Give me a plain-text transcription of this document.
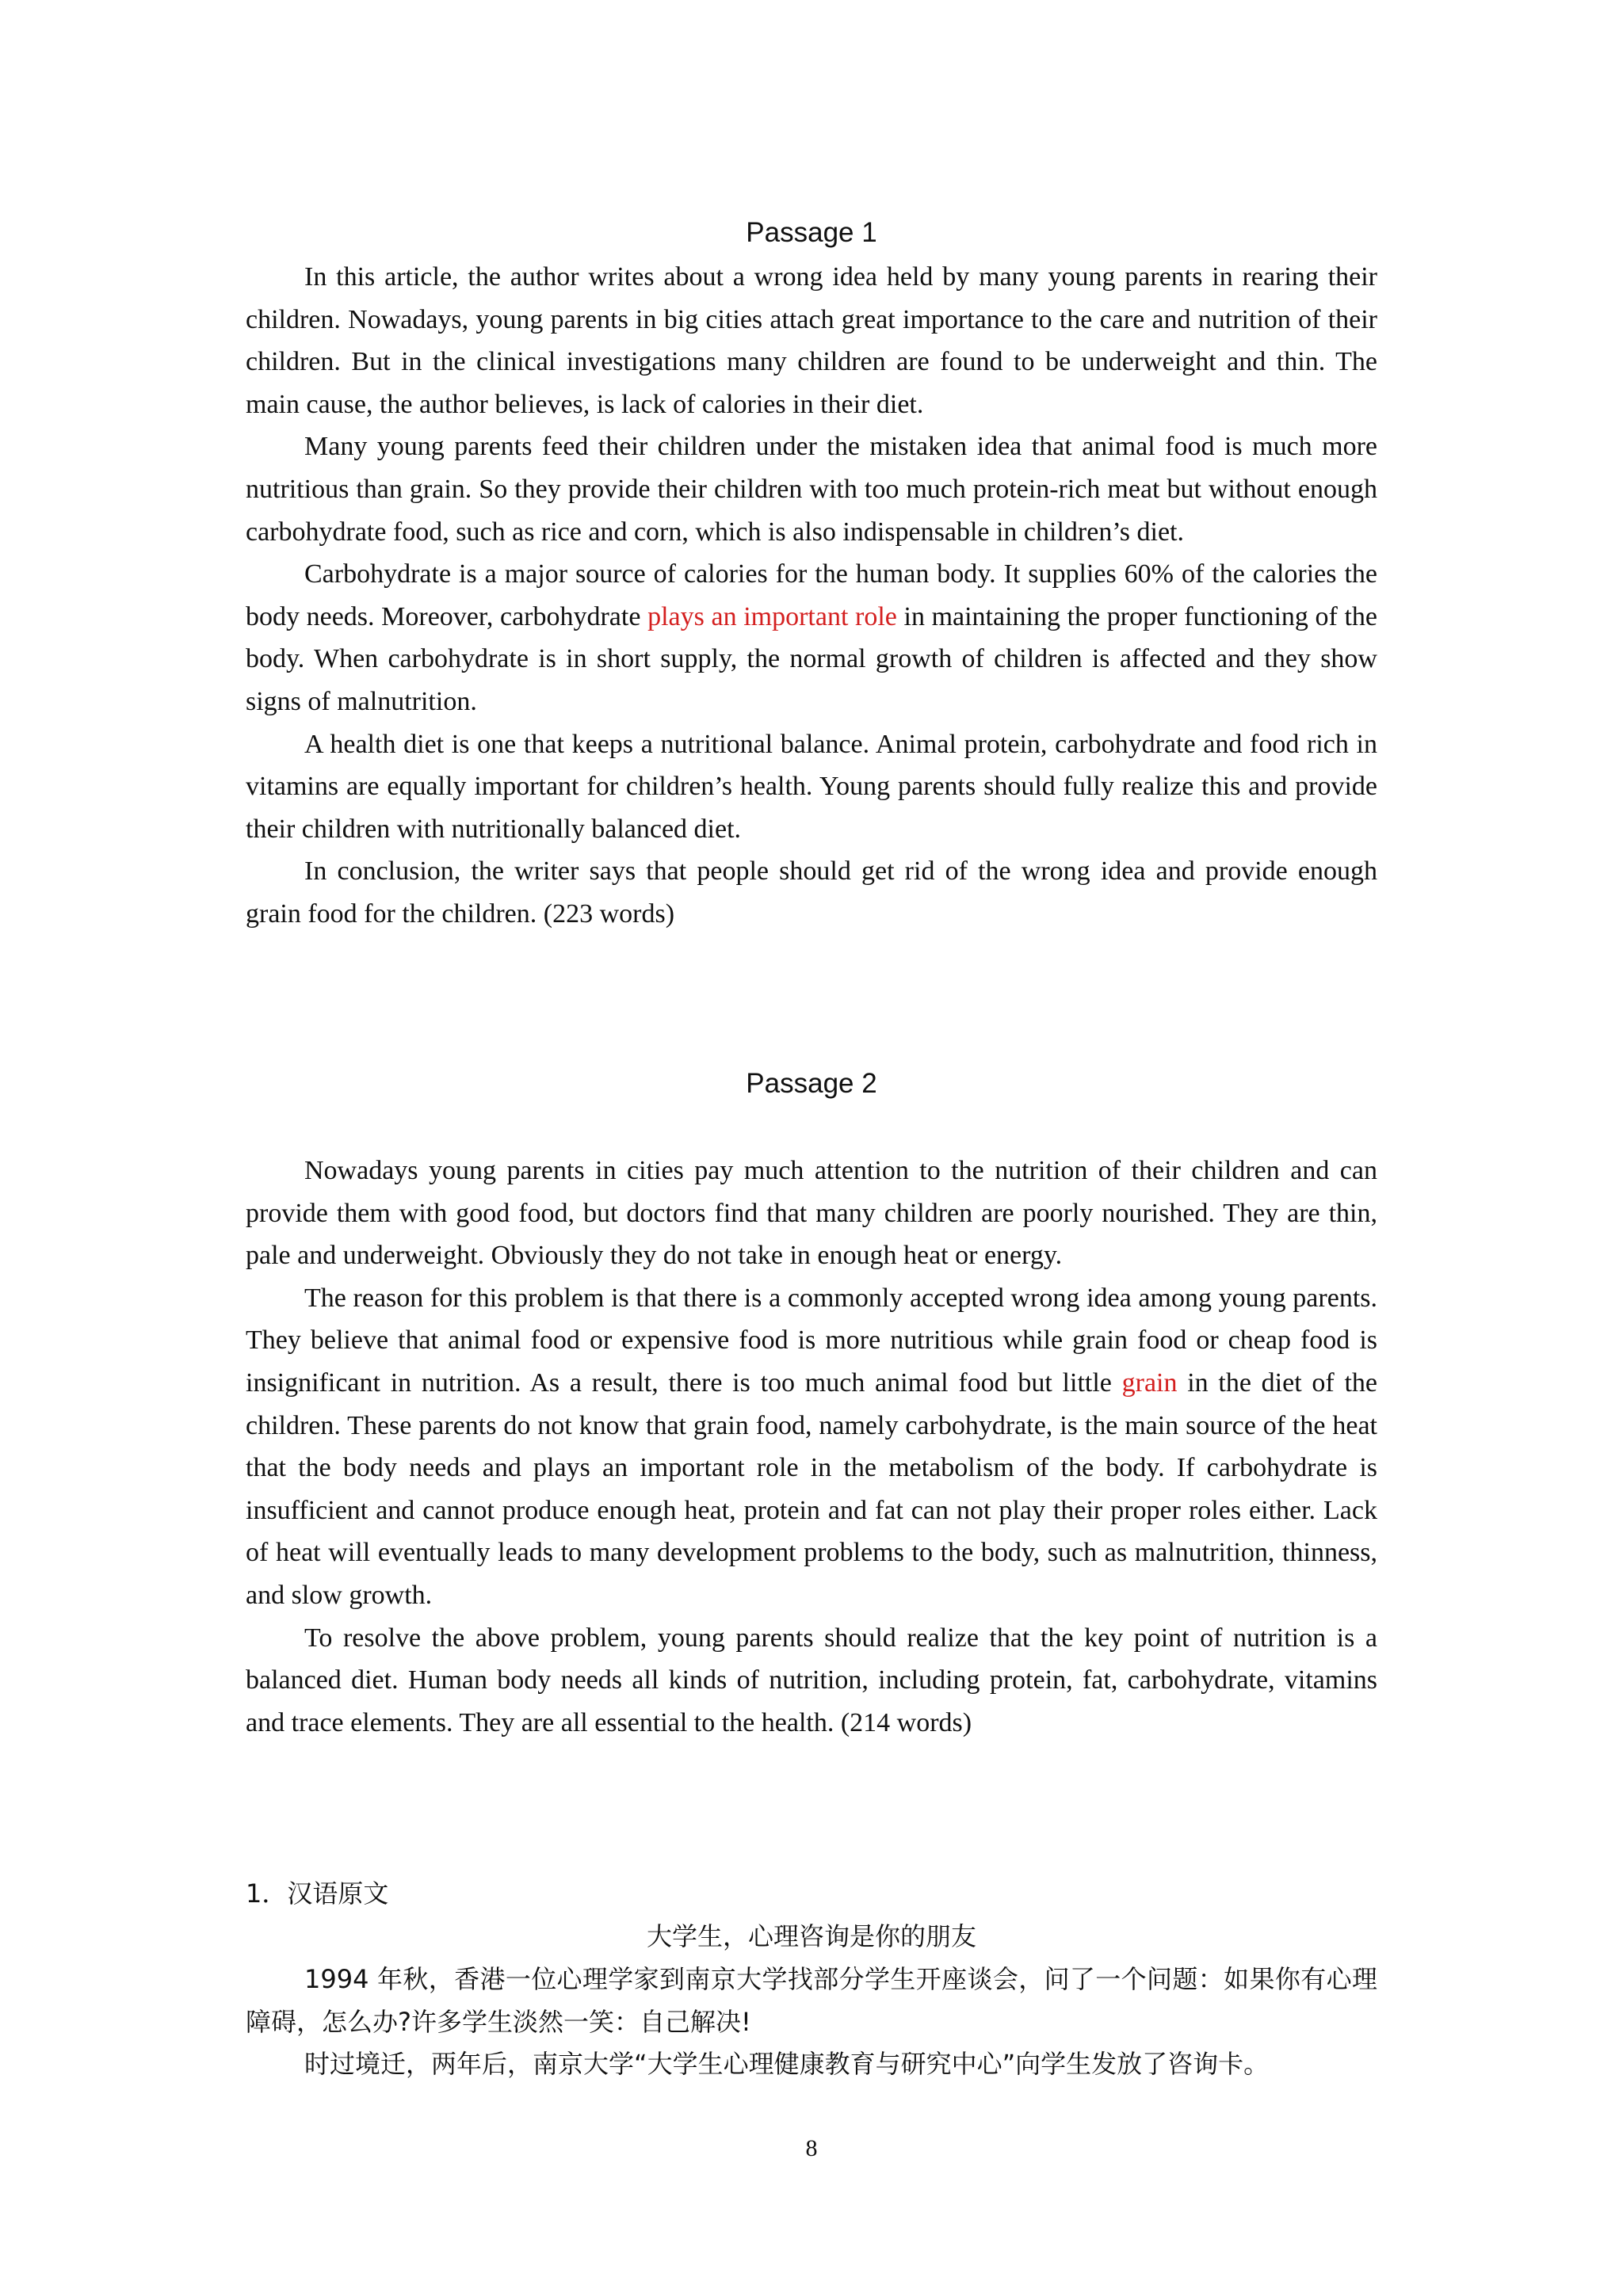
Passage 1

In this article, the author writes about a wrong idea held by many young parents in rearing their children. Nowadays, young parents in big cities attach great importance to the care and nutrition of their children. But in the clinical investigations many children are found to be underweight and thin. The main cause, the author believes, is lack of calories in their diet.

Many young parents feed their children under the mistaken idea that animal food is much more nutritious than grain. So they provide their children with too much protein-rich meat but without enough carbohydrate food, such as rice and corn, which is also indispensable in children’s diet.

Carbohydrate is a major source of calories for the human body. It supplies 60% of the calories the body needs. Moreover, carbohydrate plays an important role in maintaining the proper functioning of the body. When carbohydrate is in short supply, the normal growth of children is affected and they show signs of malnutrition.

A health diet is one that keeps a nutritional balance. Animal protein, carbohydrate and food rich in vitamins are equally important for children’s health. Young parents should fully realize this and provide their children with nutritionally balanced diet.

In conclusion, the writer says that people should get rid of the wrong idea and provide enough grain food for the children. (223 words)

Passage 2

Nowadays young parents in cities pay much attention to the nutrition of their children and can provide them with good food, but doctors find that many children are poorly nourished. They are thin, pale and underweight. Obviously they do not take in enough heat or energy.

The reason for this problem is that there is a commonly accepted wrong idea among young parents. They believe that animal food or expensive food is more nutritious while grain food or cheap food is insignificant in nutrition. As a result, there is too much animal food but little grain in the diet of the children. These parents do not know that grain food, namely carbohydrate, is the main source of the heat that the body needs and plays an important role in the metabolism of the body. If carbohydrate is insufficient and cannot produce enough heat, protein and fat can not play their proper roles either. Lack of heat will eventually leads to many development problems to the body, such as malnutrition, thinness, and slow growth.

To resolve the above problem, young parents should realize that the key point of nutrition is a balanced diet. Human body needs all kinds of nutrition, including protein, fat, carbohydrate, vitamins and trace elements. They are all essential to the health. (214 words)

1．汉语原文
大学生，心理咨询是你的朋友

1994 年秋，香港一位心理学家到南京大学找部分学生开座谈会，问了一个问题：如果你有心理障碍，怎么办?许多学生淡然一笑：自己解决!

时过境迁，两年后，南京大学“大学生心理健康教育与研究中心”向学生发放了咨询卡。

8
